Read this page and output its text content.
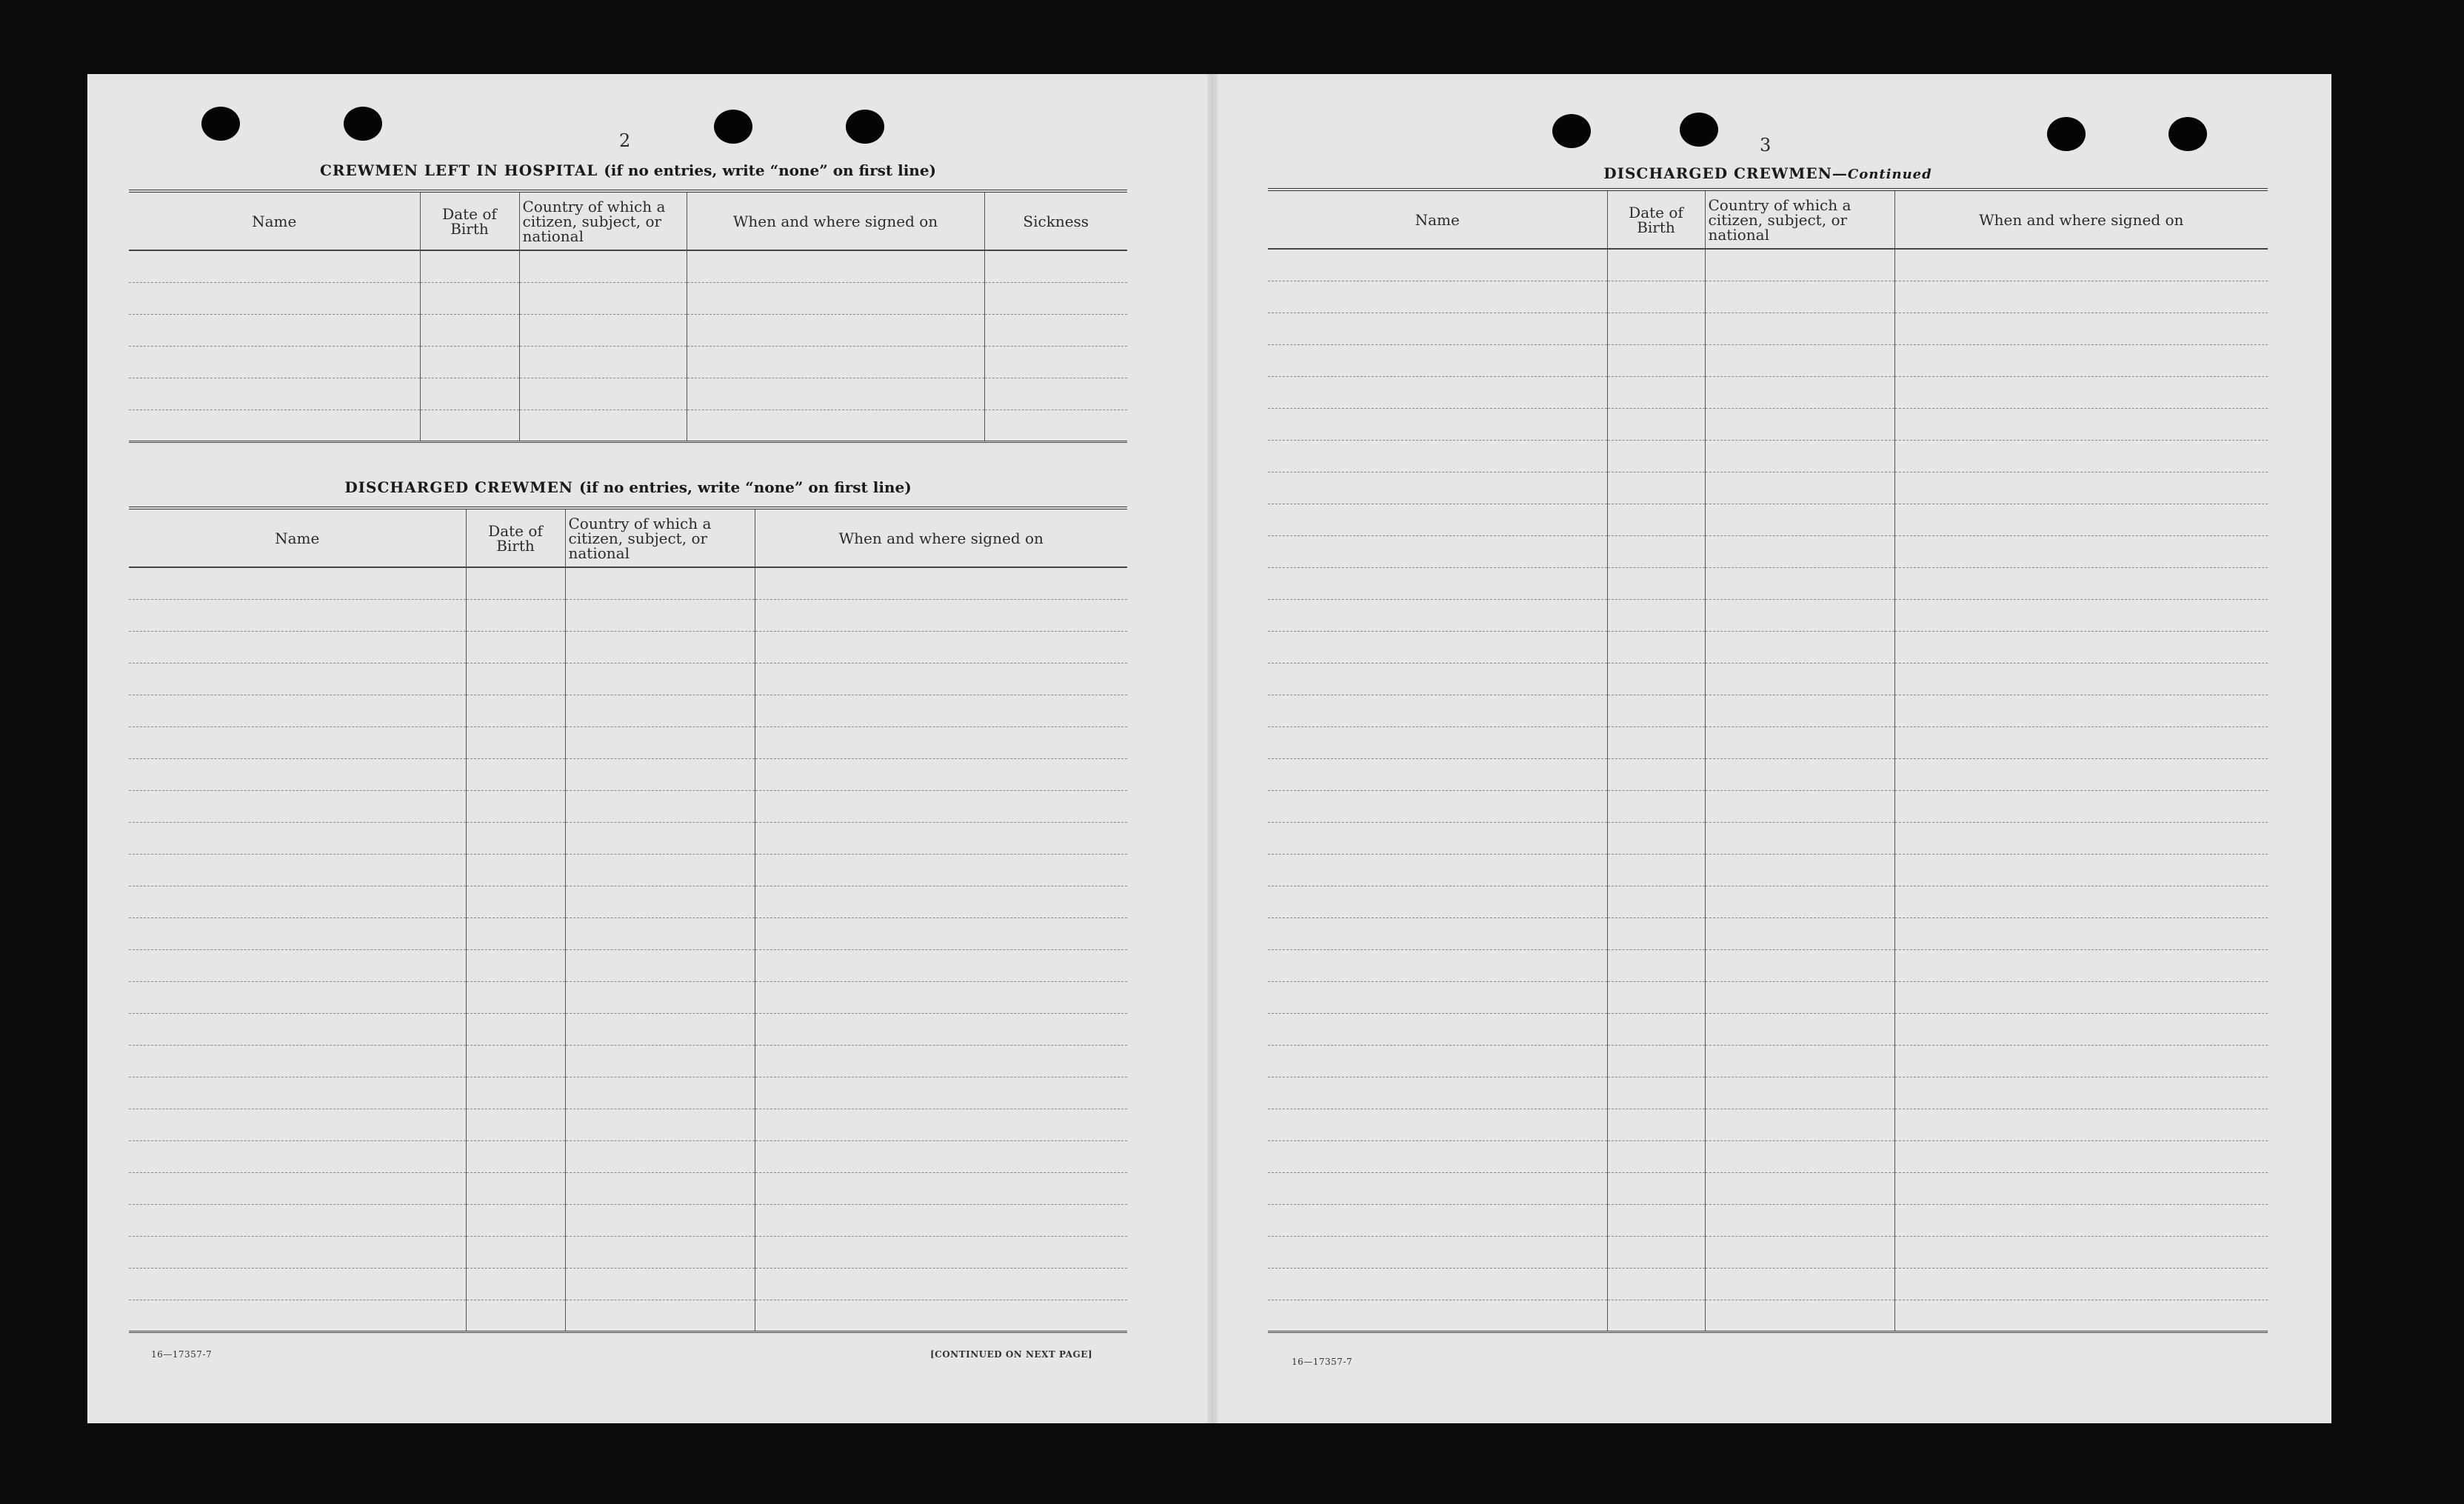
2
CREWMEN LEFT IN HOSPITAL (if no entries, write “none” on first line)
Name	Date of Birth	Country of which a citizen, subject, or national	When and where signed on	Sickness

DISCHARGED CREWMEN (if no entries, write “none” on first line)
Name	Date of Birth	Country of which a citizen, subject, or national	When and where signed on

16—17357-7	[CONTINUED ON NEXT PAGE]
3
DISCHARGED CREWMEN—Continued
Name	Date of Birth	Country of which a citizen, subject, or national	When and where signed on

16—17357-7
